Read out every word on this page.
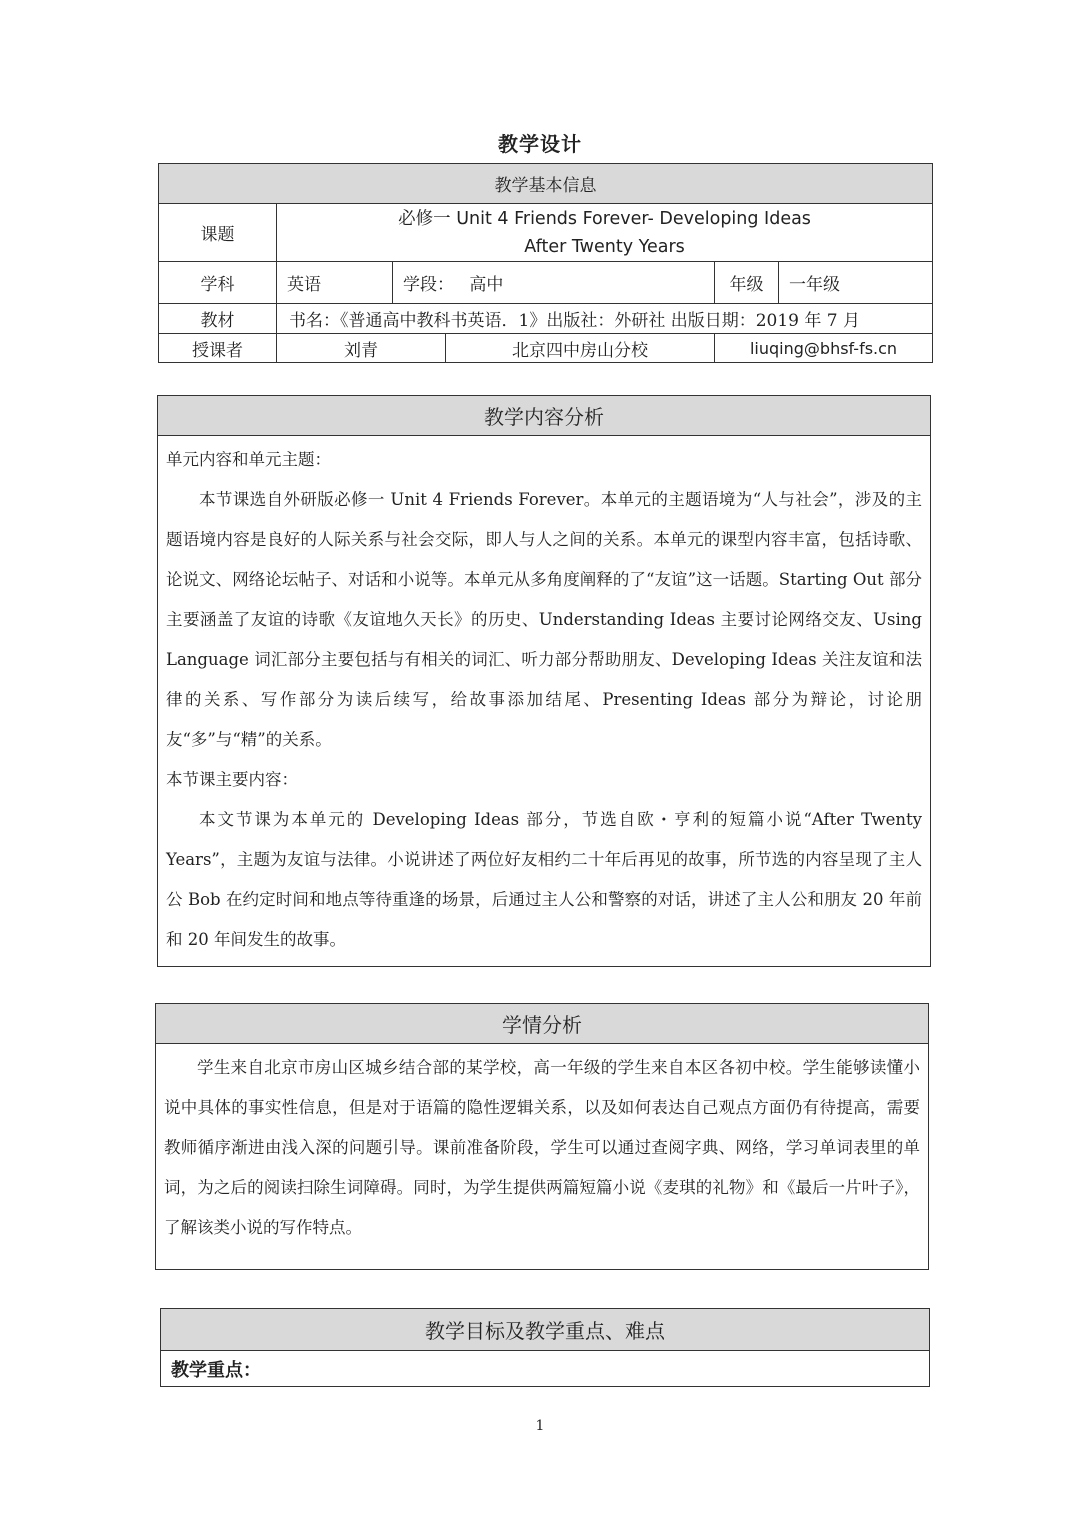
教学设计
教学基本信息					
课题	必修一 Unit 4 Friends Forever- Developing Ideas
After Twenty Years				

学科	英语	学段： 高中		年级	一年级
教材	书名：《普通高中教科书英语．1》出版社：外研社 出版日期：2019 年 7 月				
授课者	刘青		北京四中房山分校	liuqing@bhsf-fs.cn	
教学内容分析

单元内容和单元主题：

本节课选自外研版必修一 Unit 4 Friends Forever。本单元的主题语境为“人与社会”，涉及的主题语境内容是良好的人际关系与社会交际，即人与人之间的关系。本单元的课型内容丰富，包括诗歌、论说文、网络论坛帖子、对话和小说等。本单元从多角度阐释的了“友谊”这一话题。Starting Out 部分主要涵盖了友谊的诗歌《友谊地久天长》的历史、Understanding Ideas 主要讨论网络交友、Using Language 词汇部分主要包括与有相关的词汇、听力部分帮助朋友、Developing Ideas 关注友谊和法律的关系、写作部分为读后续写，给故事添加结尾、Presenting Ideas 部分为辩论，讨论朋友“多”与“精”的关系。

本节课主要内容：

本文节课为本单元的 Developing Ideas 部分，节选自欧・亨利的短篇小说“After Twenty Years”，主题为友谊与法律。小说讲述了两位好友相约二十年后再见的故事，所节选的内容呈现了主人公 Bob 在约定时间和地点等待重逢的场景，后通过主人公和警察的对话，讲述了主人公和朋友 20 年前和 20 年间发生的故事。

学情分析

学生来自北京市房山区城乡结合部的某学校，高一年级的学生来自本区各初中校。学生能够读懂小说中具体的事实性信息，但是对于语篇的隐性逻辑关系，以及如何表达自己观点方面仍有待提高，需要教师循序渐进由浅入深的问题引导。课前准备阶段，学生可以通过查阅字典、网络，学习单词表里的单词，为之后的阅读扫除生词障碍。同时，为学生提供两篇短篇小说《麦琪的礼物》和《最后一片叶子》，了解该类小说的写作特点。

教学目标及教学重点、难点
教学重点：
1
